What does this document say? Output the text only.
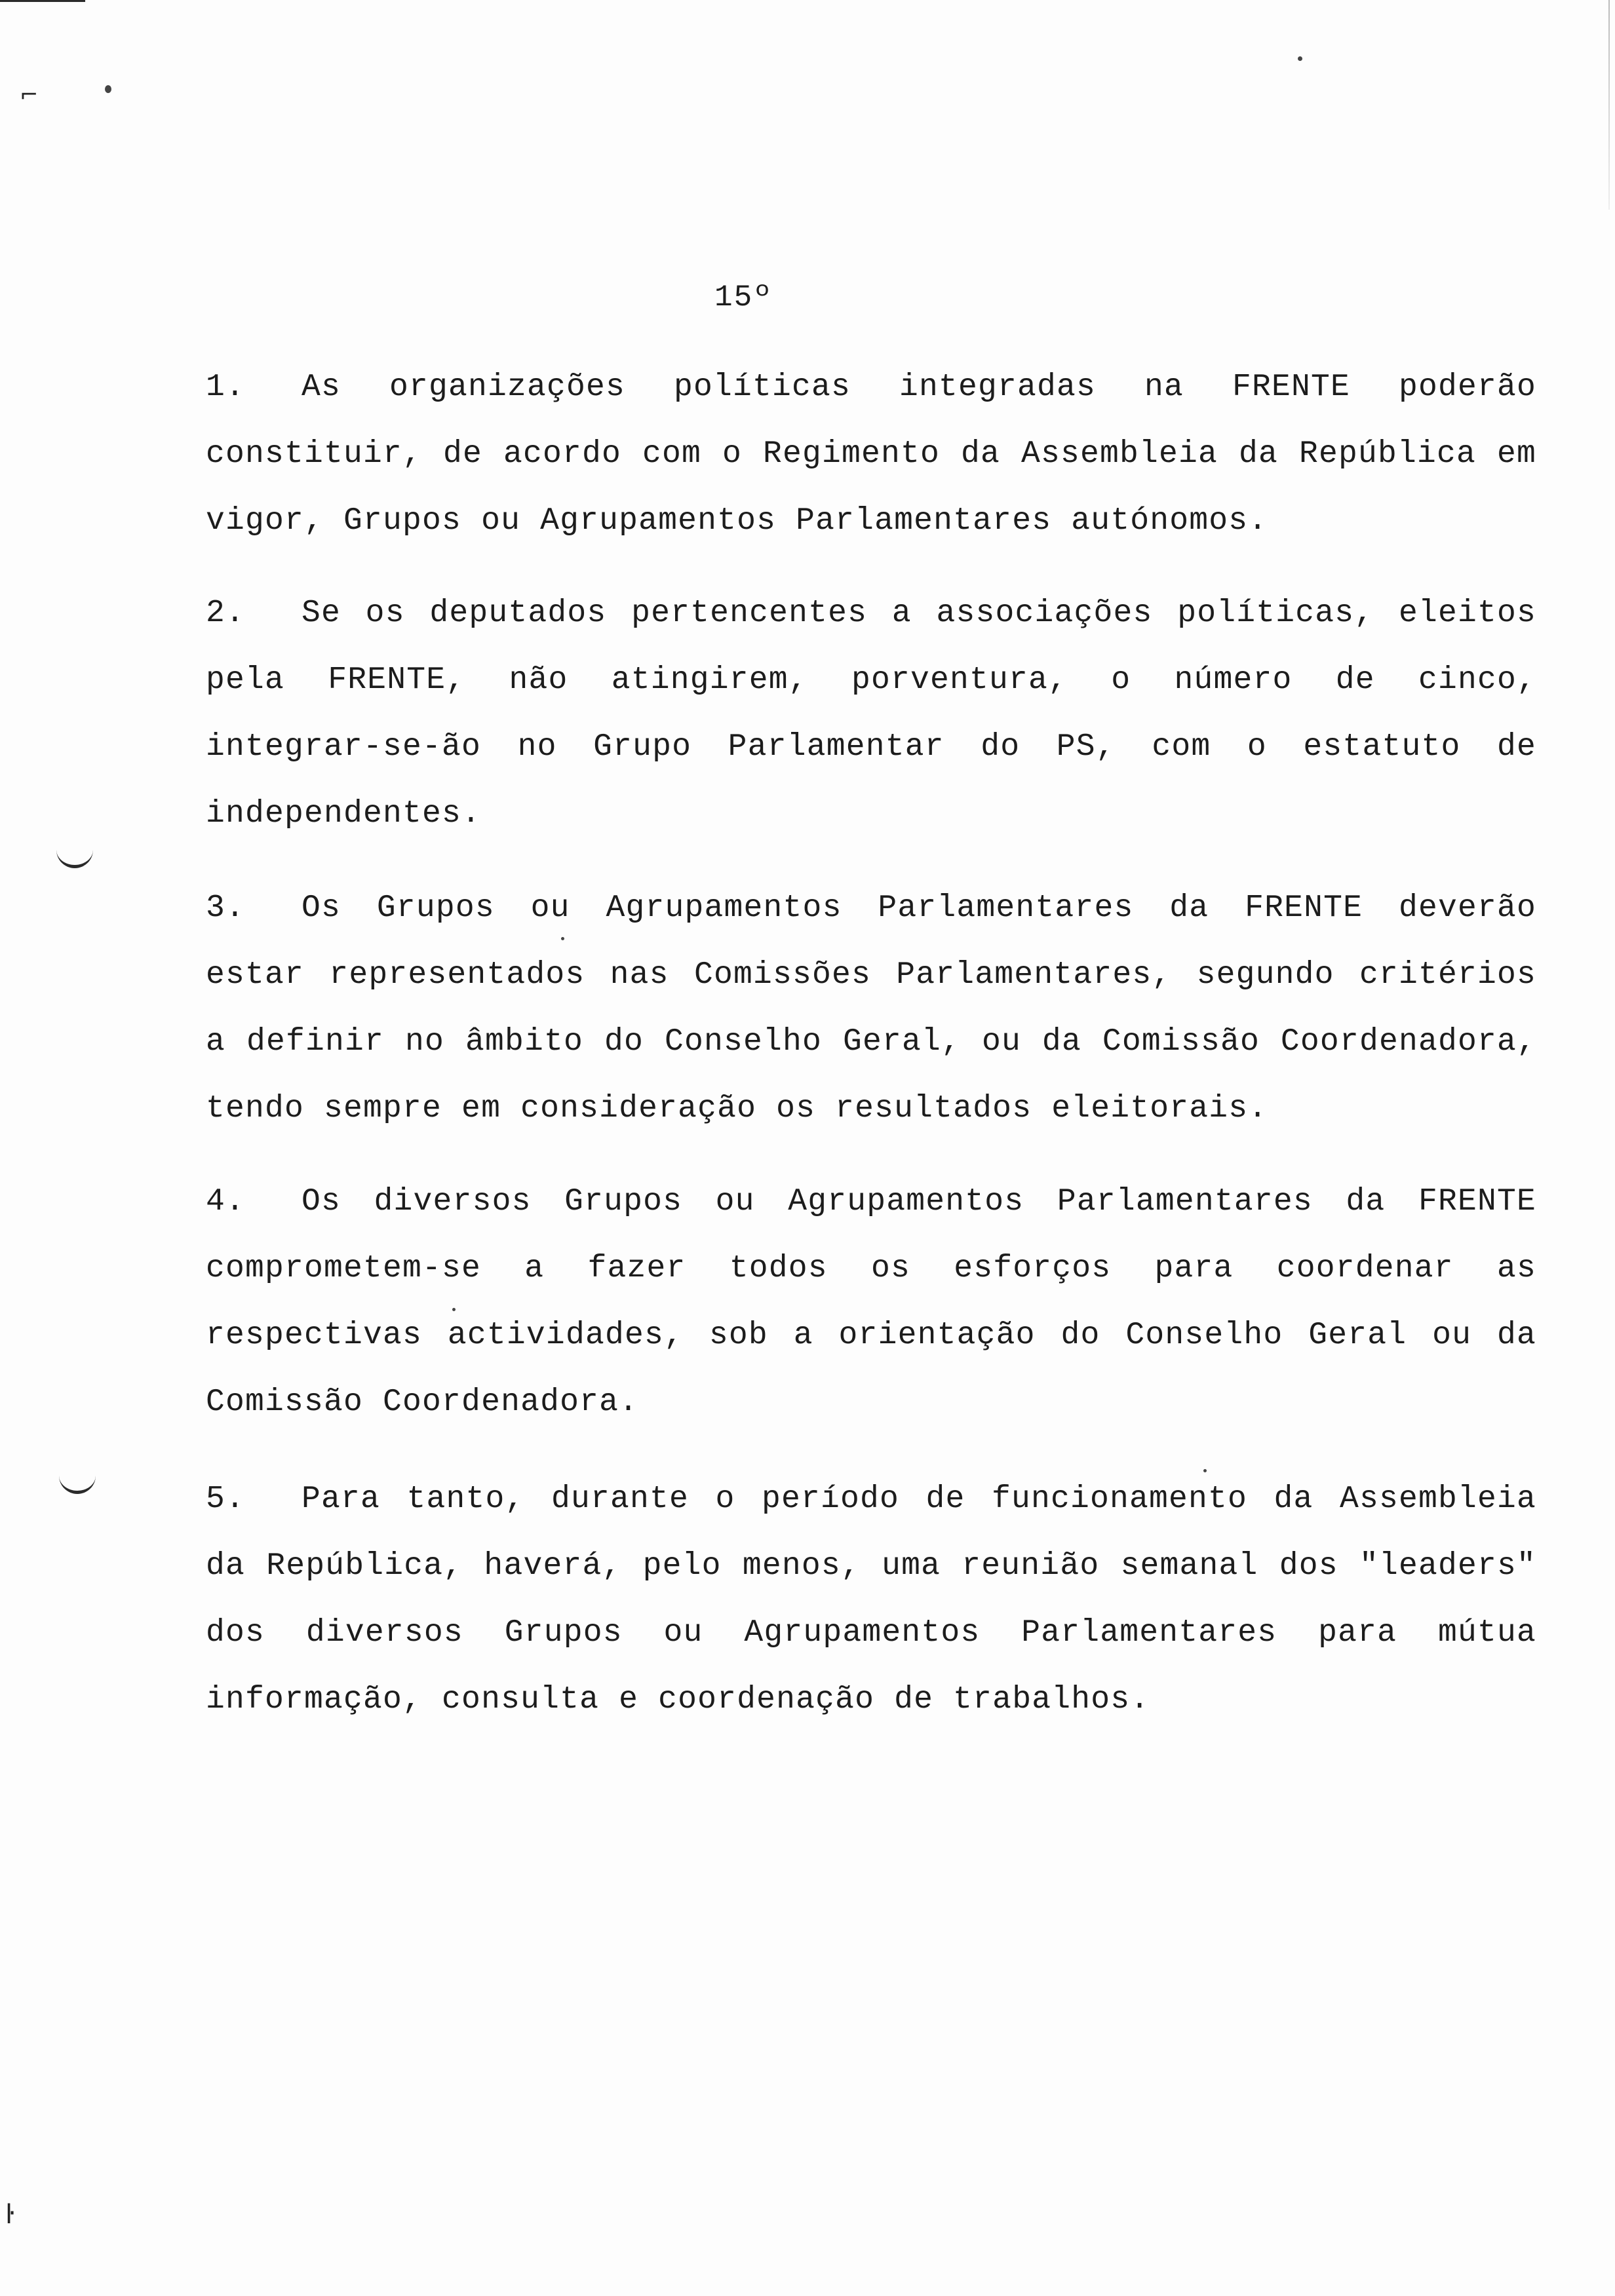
⌐
ŀ
15º

1. As organizações políticas integradas na FRENTE poderão constituir, de acordo com o Regimento da Assembleia da República em vigor, Grupos ou Agrupamentos Parlamentares autónomos.

2. Se os deputados pertencentes a associações políticas, eleitos pela FRENTE, não atingirem, porventura, o número de cinco, integrar-se-ão no Grupo Parlamentar do PS, com o estatuto de independentes.

3. Os Grupos ou Agrupamentos Parlamentares da FRENTE deverão estar representados nas Comissões Parlamentares, segundo critérios a definir no âmbito do Conselho Geral, ou da Comissão Coordenadora, tendo sempre em consideração os resultados eleitorais.

4. Os diversos Grupos ou Agrupamentos Parlamentares da FRENTE comprometem-se a fazer todos os esforços para coordenar as respectivas actividades, sob a orientação do Conselho Geral ou da Comissão Coordenadora.

5. Para tanto, durante o período de funcionamento da Assembleia da República, haverá, pelo menos, uma reunião semanal dos "leaders" dos diversos Grupos ou Agrupamentos Parlamentares para mútua informação, consulta e coordenação de trabalhos.
